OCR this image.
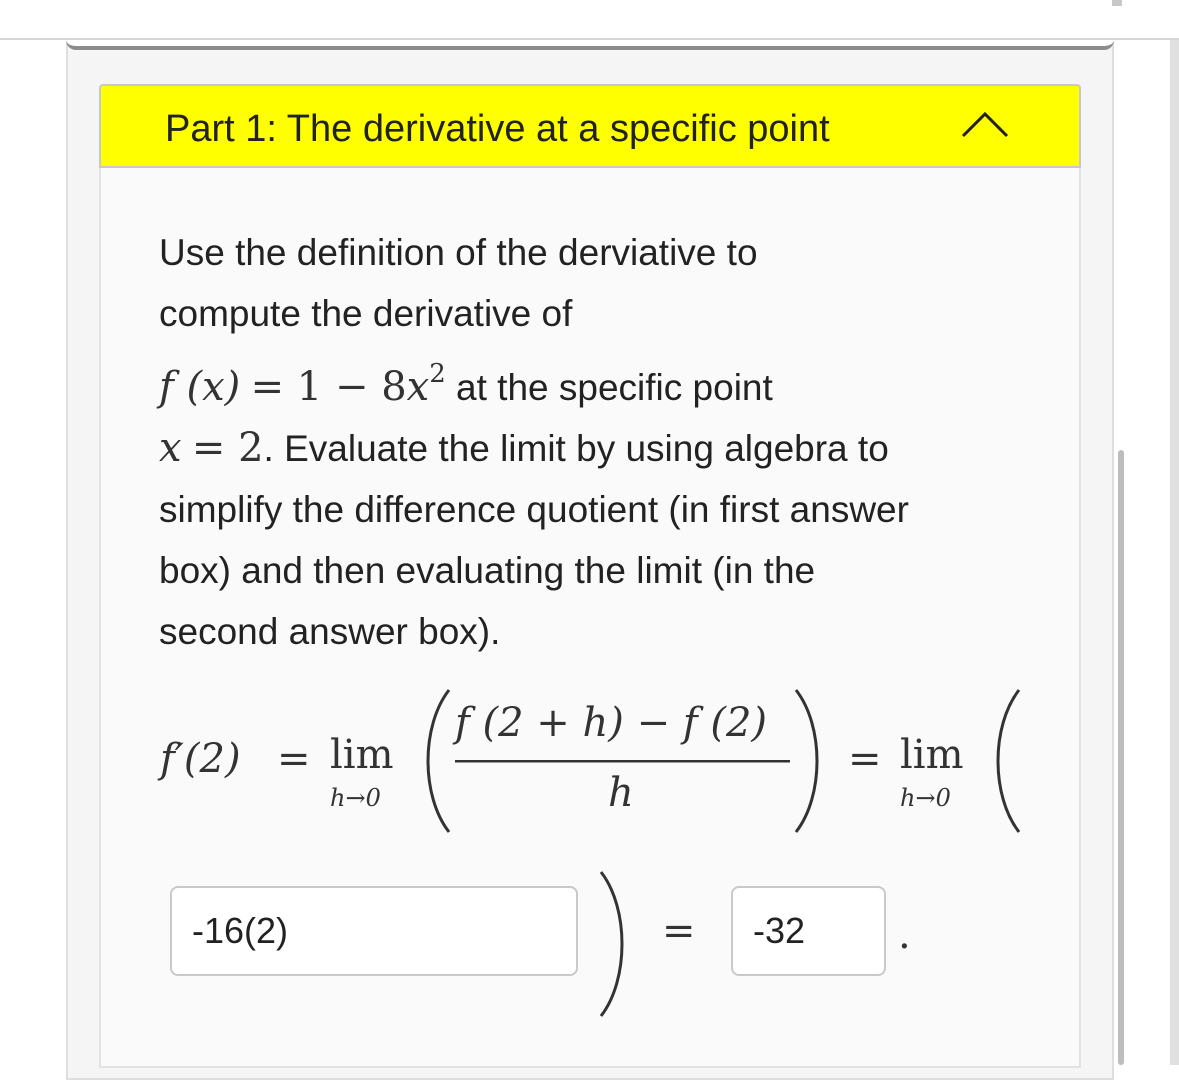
Part 1: The derivative at a specific point
Use the definition of the derviative to
compute the derivative of
f $(x) = 1 - 8x^2$ at the specific point
x = 2. Evaluate the limit by using algebra to
simplify the difference quotient (in first answer
box) and then evaluating the limit (in the
second answer box).
f′(2) = lim
h→0
f (2 + h) − f (2)
h
= lim
h→0
-16(2)	= -32 .
